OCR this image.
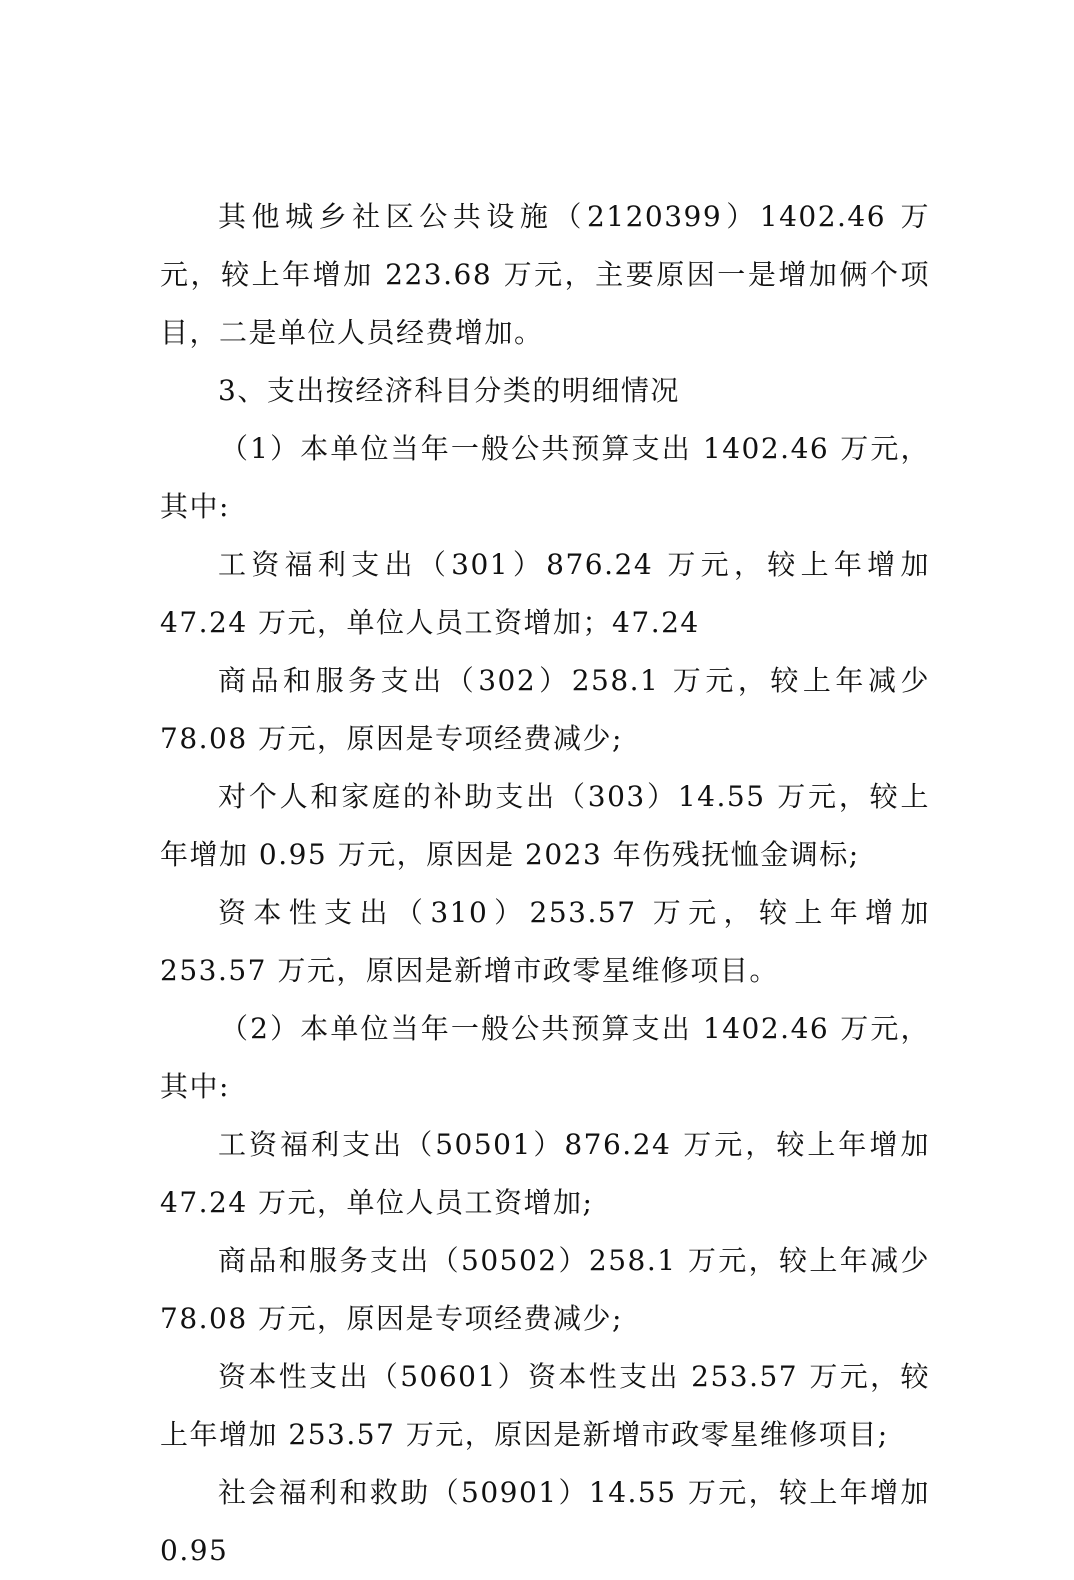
其他城乡社区公共设施（2120399）1402.46 万元，较上年增加 223.68 万元，主要原因一是增加俩个项目，二是单位人员经费增加。

3、支出按经济科目分类的明细情况

（1）本单位当年一般公共预算支出 1402.46 万元，其中:

工资福利支出（301）876.24 万元，较上年增加 47.24 万元，单位人员工资增加；47.24

商品和服务支出（302）258.1 万元，较上年减少 78.08 万元，原因是专项经费减少;

对个人和家庭的补助支出（303）14.55 万元，较上年增加 0.95 万元，原因是 2023 年伤残抚恤金调标;

资本性支出（310）253.57 万元，较上年增加 253.57 万元，原因是新增市政零星维修项目。

（2）本单位当年一般公共预算支出 1402.46 万元，其中:

工资福利支出（50501）876.24 万元，较上年增加 47.24 万元，单位人员工资增加;

商品和服务支出（50502）258.1 万元，较上年减少 78.08 万元，原因是专项经费减少;

资本性支出（50601）资本性支出 253.57 万元，较上年增加 253.57 万元，原因是新增市政零星维修项目;

社会福利和救助（50901）14.55 万元，较上年增加 0.95
